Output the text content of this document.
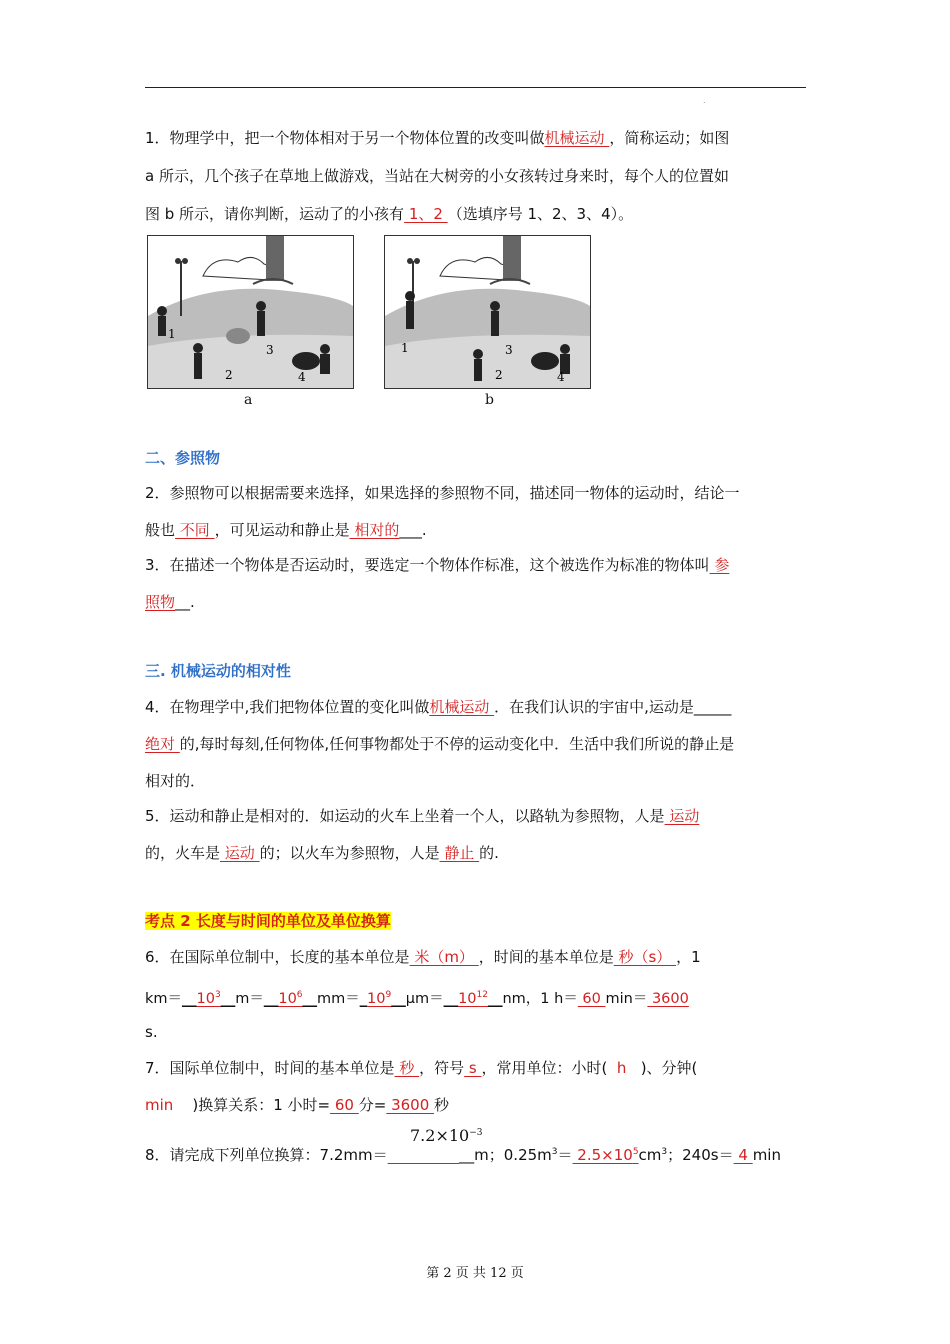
.
1．物理学中，把一个物体相对于另一个物体位置的改变叫做机械运动 ，简称运动；如图
a 所示，几个孩子在草地上做游戏，当站在大树旁的小女孩转过身来时，每个人的位置如
图 b 所示，请你判断，运动了的小孩有 1、2 （选填序号 1、2、3、4）。
1
2
3
4
a
1
2
3
4
b
二、参照物
2．参照物可以根据需要来选择，如果选择的参照物不同，描述同一物体的运动时，结论一
般也 不同 ，可见运动和静止是 相对的___.
3．在描述一个物体是否运动时，要选定一个物体作标准，这个被选作为标准的物体叫 参
照物__.
三. 机械运动的相对性
4．在物理学中,我们把物体位置的变化叫做机械运动 ．在我们认识的宇宙中,运动是_____
绝对 的,每时每刻,任何物体,任何事物都处于不停的运动变化中．生活中我们所说的静止是
相对的．
5．运动和静止是相对的．如运动的火车上坐着一个人，以路轨为参照物，人是 运动
的，火车是 运动 的；以火车为参照物，人是 静止 的.
考点 2 长度与时间的单位及单位换算
6．在国际单位制中，长度的基本单位是 米（m） ，时间的基本单位是 秒（s） ，1
$km=\_\_10^3\_\_m=\_\_10^6\_\_mm=\_10^9\_\_\mu m=\_\_10^{12}\_\_nm$，1 h＝ 60 min＝ 3600
s.
7．国际单位制中，时间的基本单位是 秒 ，符号 s ，常用单位：小时( h )、分钟(
min )换算关系：1 小时= 60 分= 3600 秒
$7.2\times 10^{-3}$
8．请完成下列单位换算：7.2mm＝	__m；$0.25m^3= 2.5\times 10^5cm^3$；240s＝ 4 min
第 2 页 共 12 页
